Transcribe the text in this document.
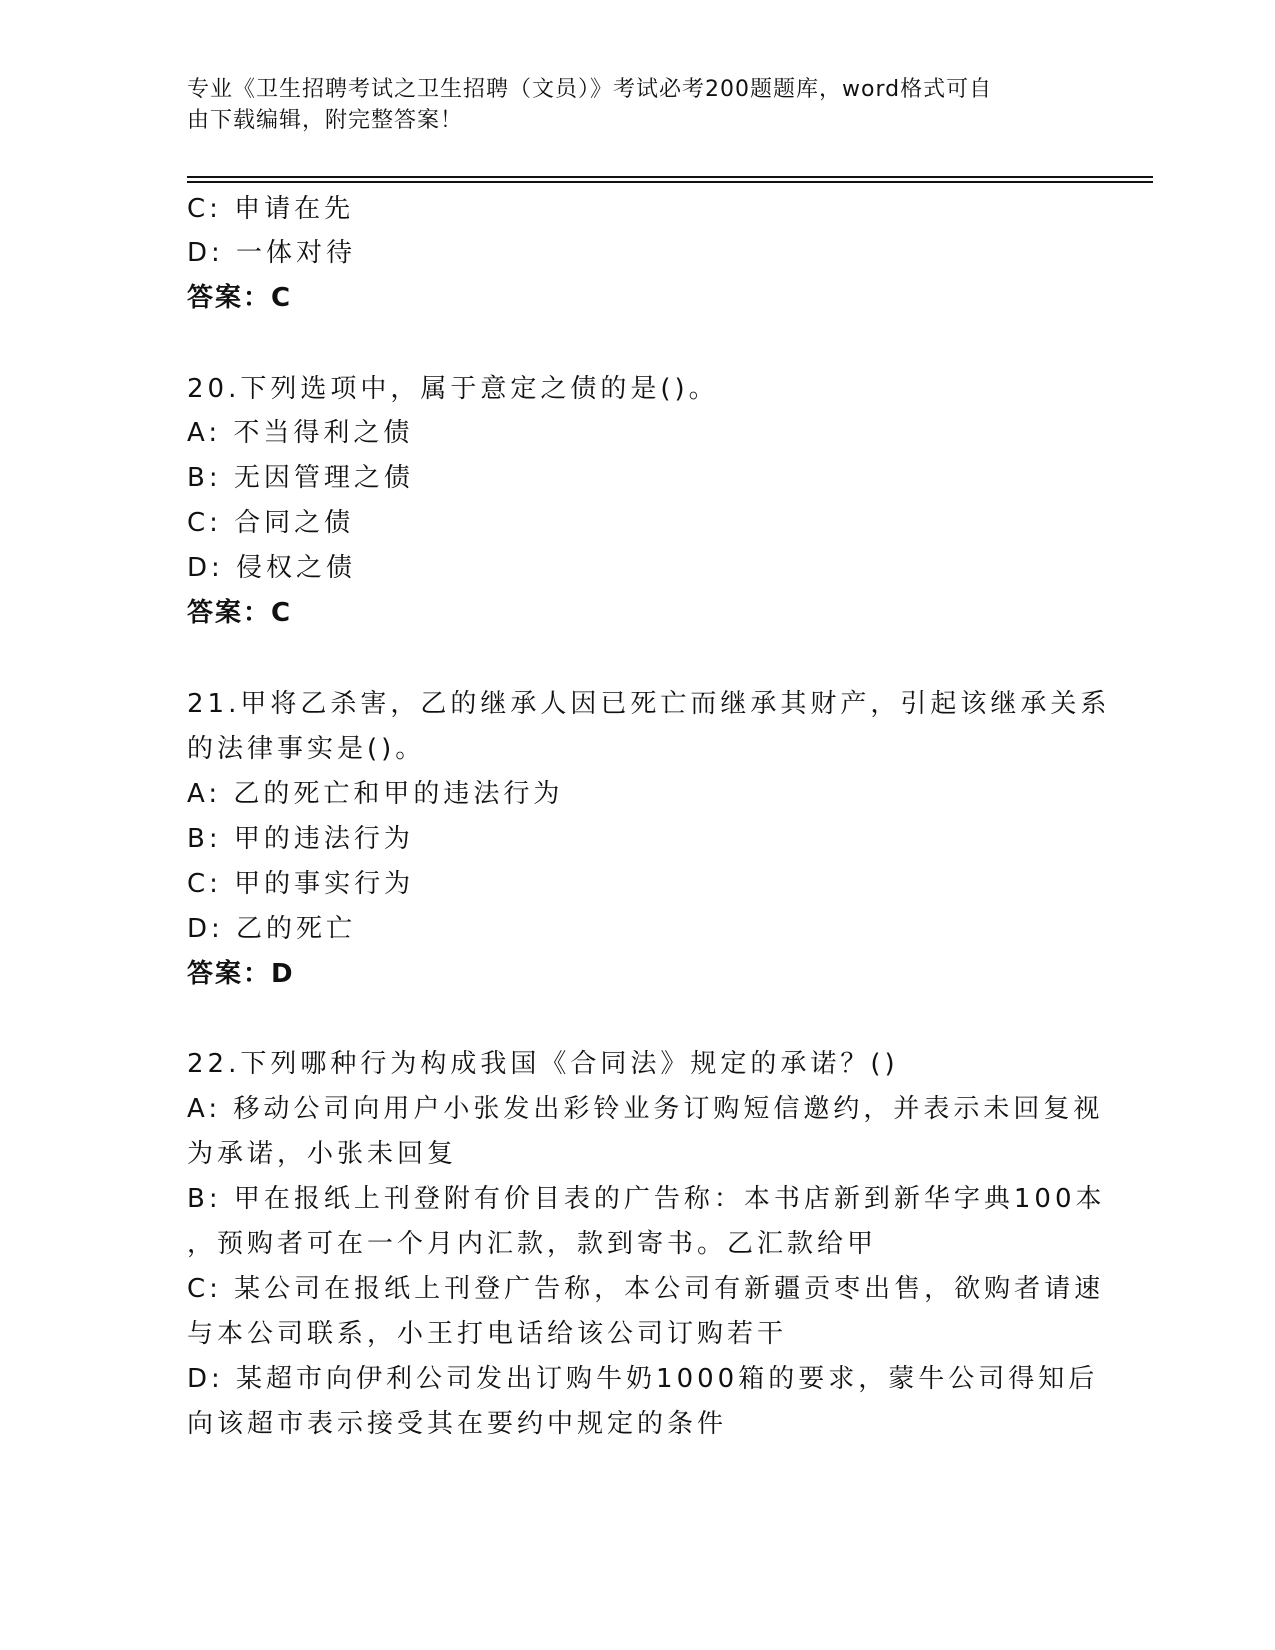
专业《卫生招聘考试之卫生招聘（文员）》考试必考200题题库，word格式可自
由下载编辑，附完整答案！
C: 申请在先
D: 一体对待
答案：C
20.下列选项中，属于意定之债的是()。
A: 不当得利之债
B: 无因管理之债
C: 合同之债
D: 侵权之债
答案：C
21.甲将乙杀害，乙的继承人因已死亡而继承其财产，引起该继承关系
的法律事实是()。
A: 乙的死亡和甲的违法行为
B: 甲的违法行为
C: 甲的事实行为
D: 乙的死亡
答案：D
22.下列哪种行为构成我国《合同法》规定的承诺？()
A: 移动公司向用户小张发出彩铃业务订购短信邀约，并表示未回复视
为承诺，小张未回复
B: 甲在报纸上刊登附有价目表的广告称：本书店新到新华字典100本
，预购者可在一个月内汇款，款到寄书。乙汇款给甲
C: 某公司在报纸上刊登广告称，本公司有新疆贡枣出售，欲购者请速
与本公司联系，小王打电话给该公司订购若干
D: 某超市向伊利公司发出订购牛奶1000箱的要求，蒙牛公司得知后
向该超市表示接受其在要约中规定的条件
